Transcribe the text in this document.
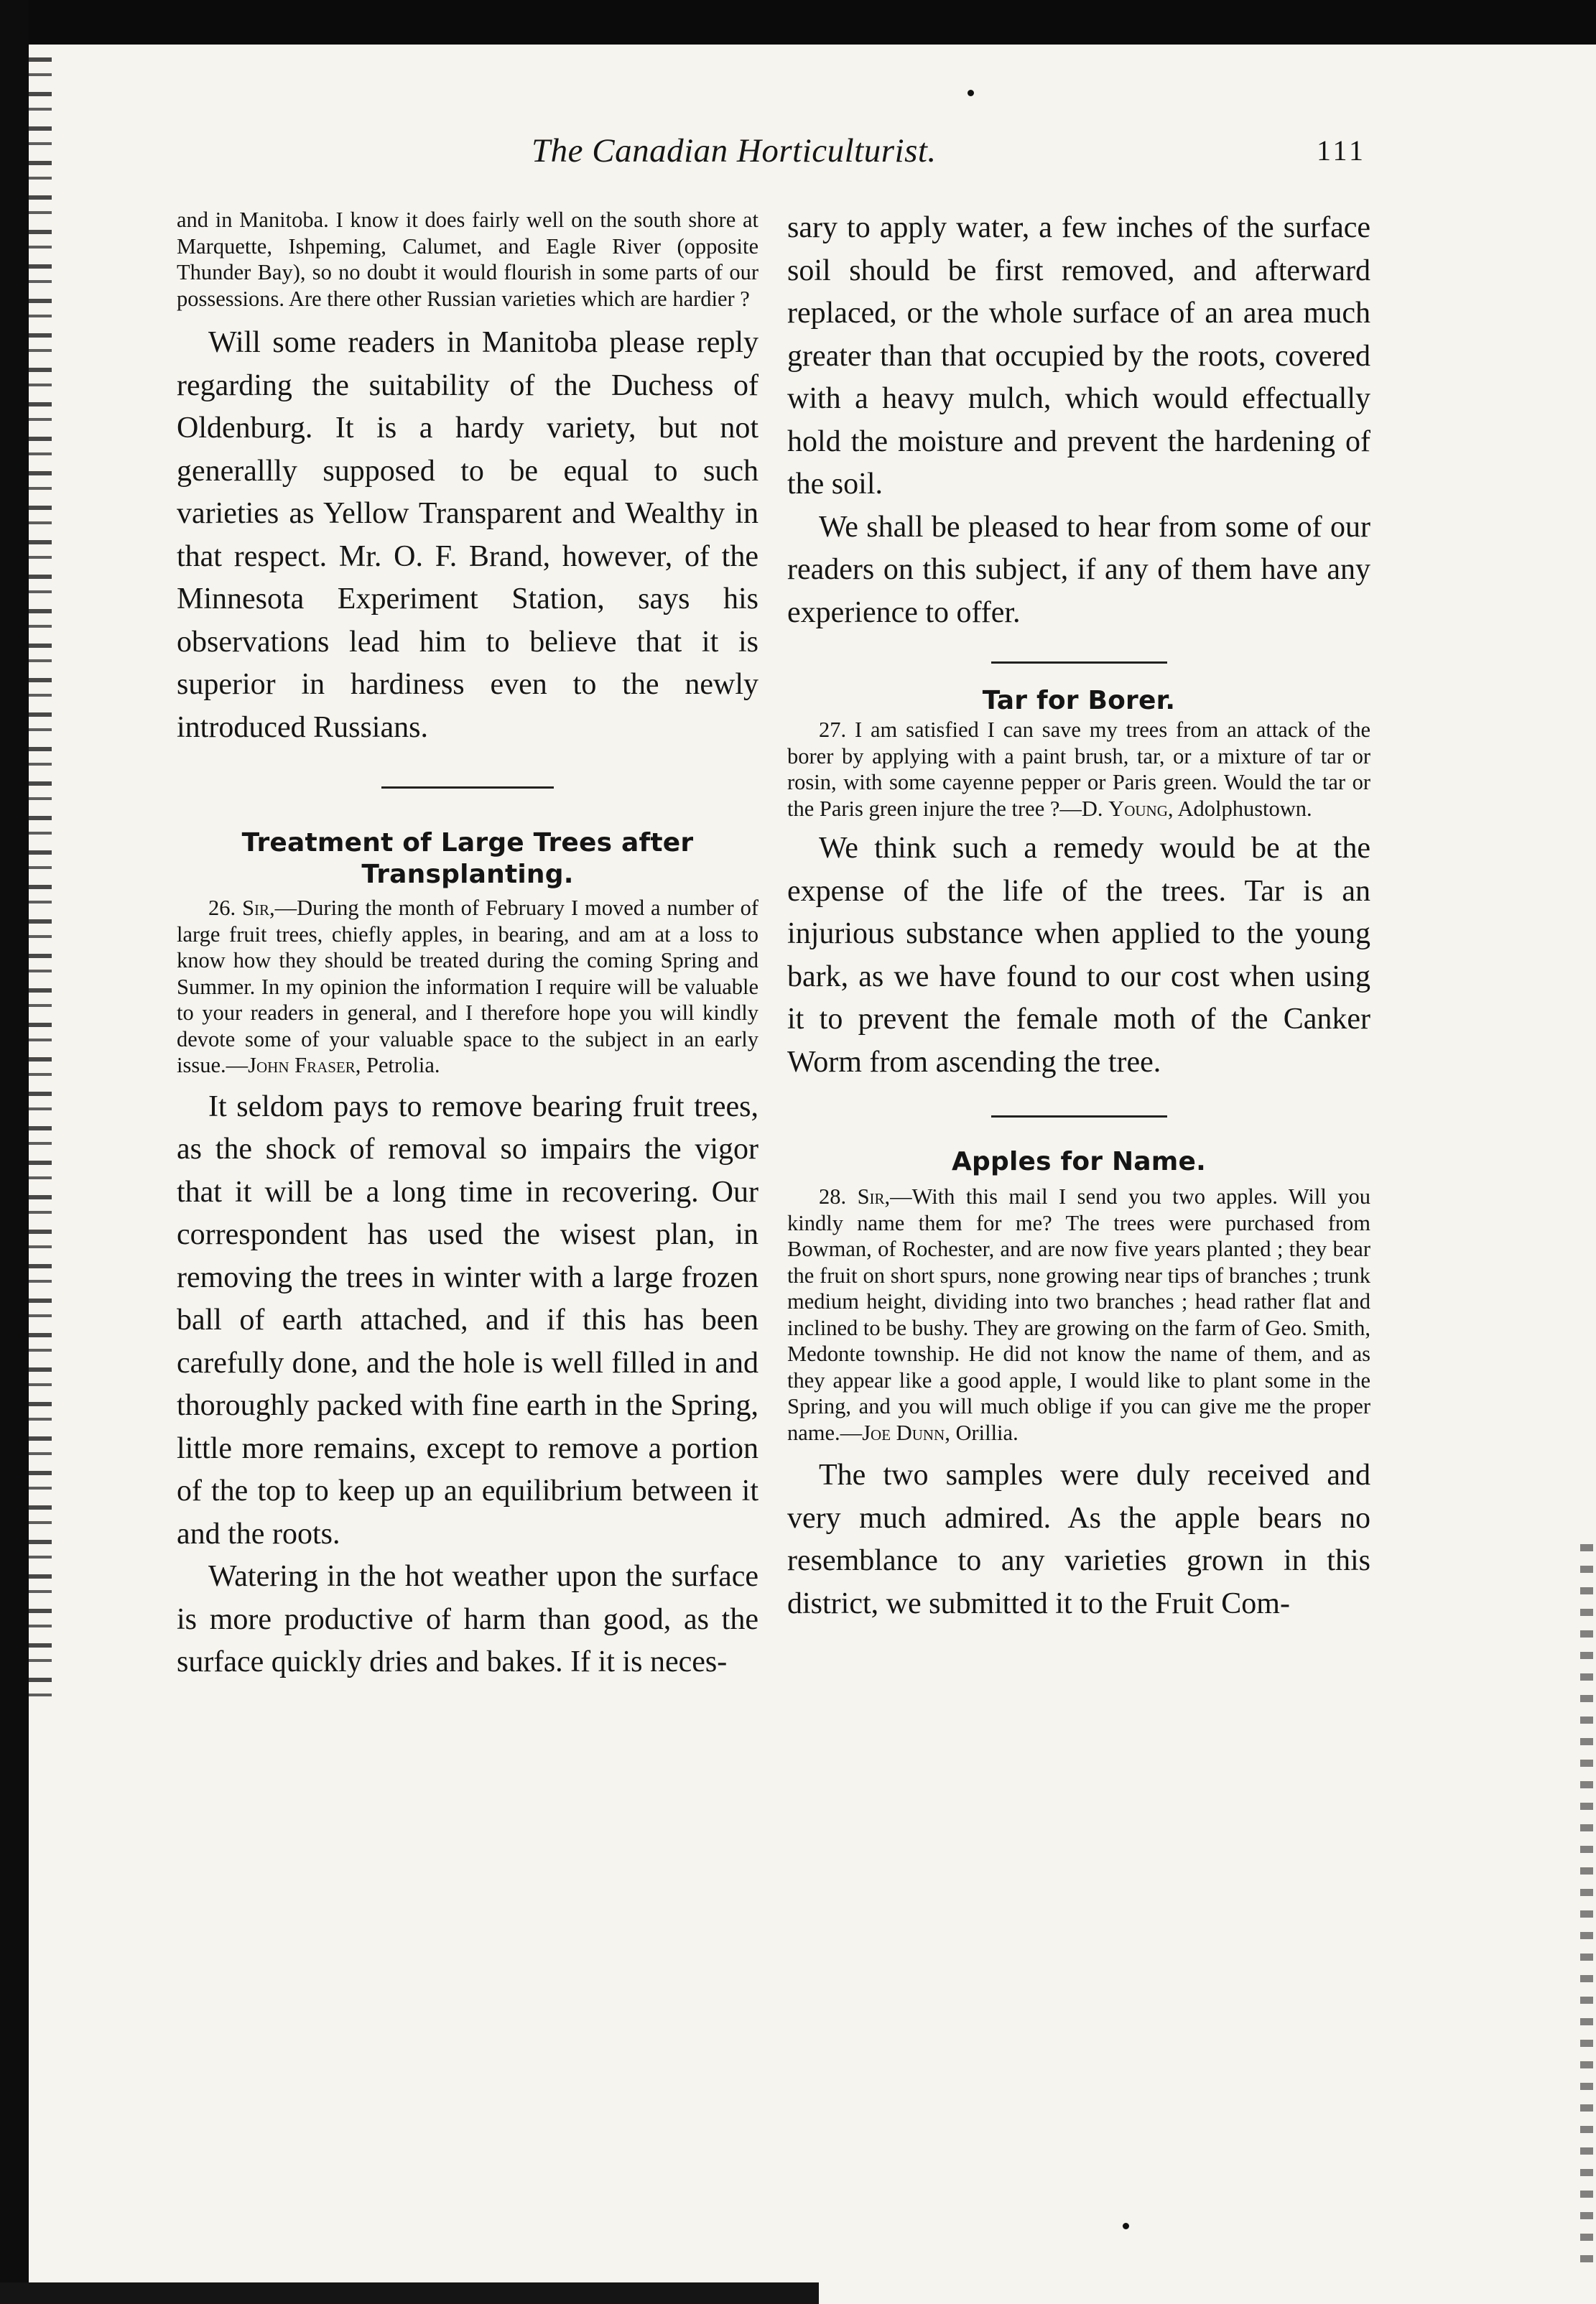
The Canadian Horticulturist.	111

and in Manitoba. I know it does fairly well on the south shore at Marquette, Ishpeming, Calumet, and Eagle River (opposite Thunder Bay), so no doubt it would flourish in some parts of our possessions. Are there other Russian varieties which are hardier ?

Will some readers in Manitoba please reply regarding the suitability of the Duchess of Oldenburg. It is a hardy variety, but not generallly supposed to be equal to such varieties as Yellow Transparent and Wealthy in that respect. Mr. O. F. Brand, however, of the Minnesota Experiment Station, says his observations lead him to believe that it is superior in hardiness even to the newly introduced Russians.

Treatment of Large Trees after Transplanting.

26. Sir,—During the month of February I moved a number of large fruit trees, chiefly apples, in bearing, and am at a loss to know how they should be treated during the coming Spring and Summer. In my opinion the information I require will be valuable to your readers in general, and I therefore hope you will kindly devote some of your valuable space to the subject in an early issue.—John Fraser, Petrolia.

It seldom pays to remove bearing fruit trees, as the shock of removal so impairs the vigor that it will be a long time in recovering. Our correspondent has used the wisest plan, in removing the trees in winter with a large frozen ball of earth attached, and if this has been carefully done, and the hole is well filled in and thoroughly packed with fine earth in the Spring, little more remains, except to remove a portion of the top to keep up an equilibrium between it and the roots.

Watering in the hot weather upon the surface is more productive of harm than good, as the surface quickly dries and bakes. If it is neces-

sary to apply water, a few inches of the surface soil should be first removed, and afterward replaced, or the whole surface of an area much greater than that occupied by the roots, covered with a heavy mulch, which would effectually hold the moisture and prevent the hardening of the soil.

We shall be pleased to hear from some of our readers on this subject, if any of them have any experience to offer.

Tar for Borer.

27. I am satisfied I can save my trees from an attack of the borer by applying with a paint brush, tar, or a mixture of tar or rosin, with some cayenne pepper or Paris green. Would the tar or the Paris green injure the tree ?—D. Young, Adolphustown.

We think such a remedy would be at the expense of the life of the trees. Tar is an injurious substance when applied to the young bark, as we have found to our cost when using it to prevent the female moth of the Canker Worm from ascending the tree.

Apples for Name.

28. Sir,—With this mail I send you two apples. Will you kindly name them for me? The trees were purchased from Bowman, of Rochester, and are now five years planted ; they bear the fruit on short spurs, none growing near tips of branches ; trunk medium height, dividing into two branches ; head rather flat and inclined to be bushy. They are growing on the farm of Geo. Smith, Medonte township. He did not know the name of them, and as they appear like a good apple, I would like to plant some in the Spring, and you will much oblige if you can give me the proper name.—Joe Dunn, Orillia.

The two samples were duly received and very much admired. As the apple bears no resemblance to any varieties grown in this district, we submitted it to the Fruit Com-
